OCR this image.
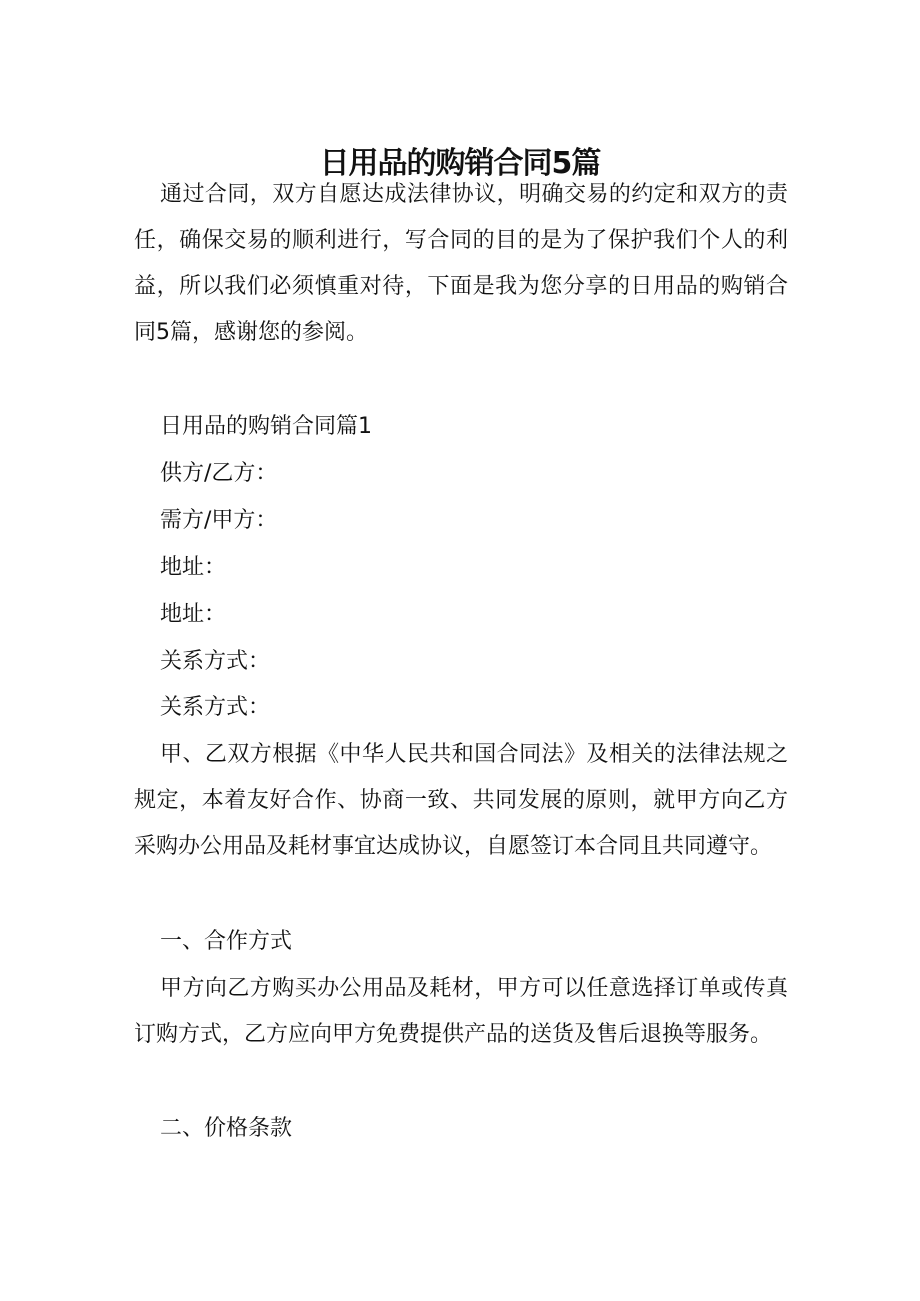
日用品的购销合同5篇

通过合同，双方自愿达成法律协议，明确交易的约定和双方的责任，确保交易的顺利进行，写合同的目的是为了保护我们个人的利益，所以我们必须慎重对待，下面是我为您分享的日用品的购销合同5篇，感谢您的参阅。

日用品的购销合同篇1

供方/乙方：

需方/甲方：

地址：

地址：

关系方式：

关系方式：

甲、乙双方根据《中华人民共和国合同法》及相关的法律法规之规定，本着友好合作、协商一致、共同发展的原则，就甲方向乙方采购办公用品及耗材事宜达成协议，自愿签订本合同且共同遵守。

一、合作方式

甲方向乙方购买办公用品及耗材，甲方可以任意选择订单或传真订购方式，乙方应向甲方免费提供产品的送货及售后退换等服务。

二、价格条款
